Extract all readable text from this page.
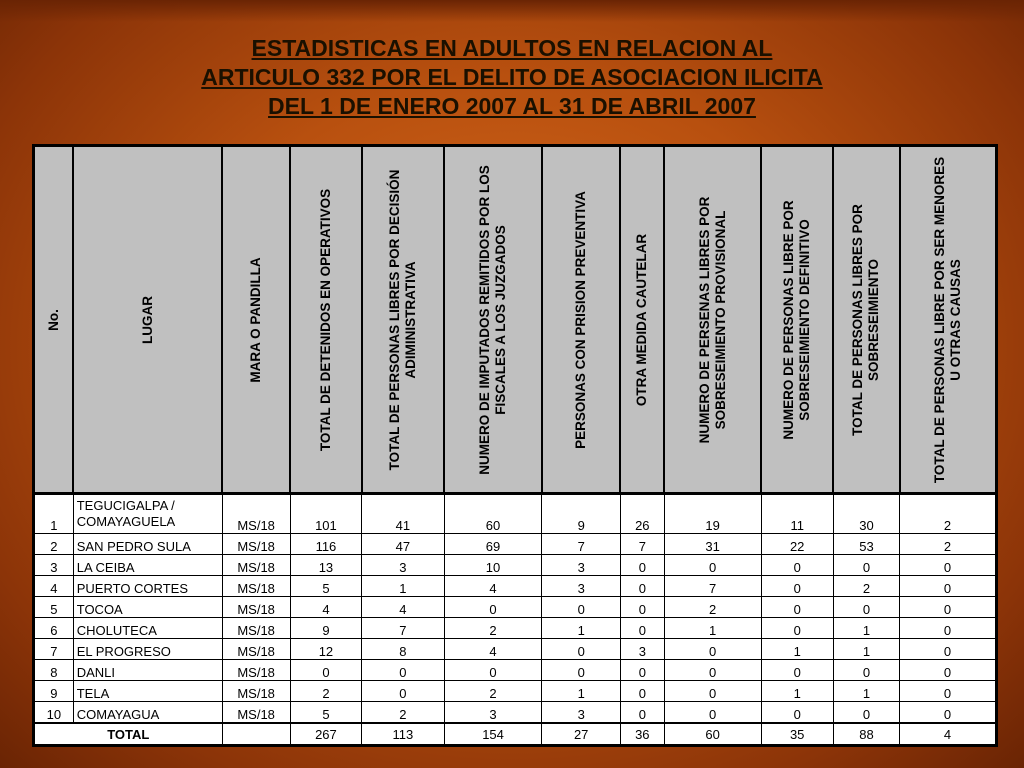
ESTADISTICAS EN ADULTOS EN RELACION AL
ARTICULO 332 POR EL DELITO DE ASOCIACION ILICITA
DEL 1 DE ENERO 2007 AL 31 DE ABRIL 2007
No.	LUGAR	MARA O PANDILLA	TOTAL DE DETENIDOS EN OPERATIVOS	TOTAL DE PERSONAS LIBRES POR DECISIÓN ADIMINISTRATIVA	NUMERO DE IMPUTADOS REMITIDOS POR LOS FISCALES A LOS JUZGADOS	PERSONAS CON PRISION PREVENTIVA	OTRA MEDIDA CAUTELAR	NUMERO DE PERSENAS LIBRES POR SOBRESEIMIENTO PROVISIONAL	NUMERO DE PERSONAS LIBRE POR SOBRESEIMIENTO DEFINITIVO	TOTAL DE PERSONAS LIBRES POR SOBRESEIMIENTO	TOTAL DE PERSONAS LIBRE POR SER MENORES U OTRAS CAUSAS

1	TEGUCIGALPA / COMAYAGUELA	MS/18	101	41	60	9	26	19	11	30	2
2	SAN PEDRO SULA	MS/18	116	47	69	7	7	31	22	53	2
3	LA CEIBA	MS/18	13	3	10	3	0	0	0	0	0
4	PUERTO CORTES	MS/18	5	1	4	3	0	7	0	2	0
5	TOCOA	MS/18	4	4	0	0	0	2	0	0	0
6	CHOLUTECA	MS/18	9	7	2	1	0	1	0	1	0
7	EL PROGRESO	MS/18	12	8	4	0	3	0	1	1	0
8	DANLI	MS/18	0	0	0	0	0	0	0	0	0
9	TELA	MS/18	2	0	2	1	0	0	1	1	0
10	COMAYAGUA	MS/18	5	2	3	3	0	0	0	0	0
TOTAL			267	113	154	27	36	60	35	88	4
